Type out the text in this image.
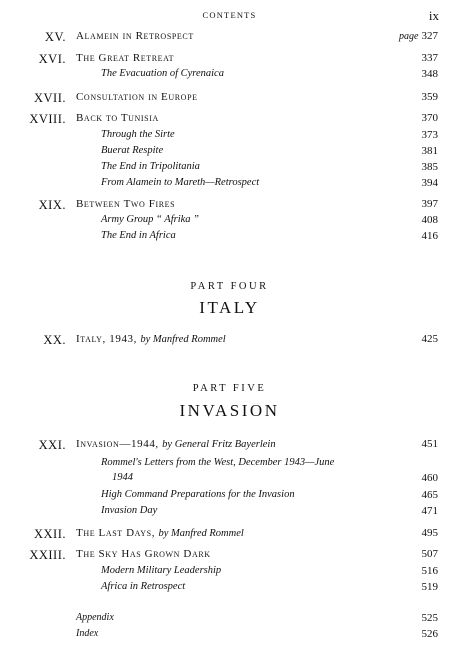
CONTENTS	ix
XV. Alamein in Retrospect	page 327
XVI. The Great Retreat	337
The Evacuation of Cyrenaica	348
XVII. Consultation in Europe	359
XVIII. Back to Tunisia	370
Through the Sirte	373
Buerat Respite	381
The End in Tripolitania	385
From Alamein to Mareth—Retrospect	394
XIX. Between Two Fires	397
Army Group “ Afrika ”	408
The End in Africa	416
PART FOUR
ITALY
XX. Italy, 1943, by Manfred Rommel	425
PART FIVE
INVASION
XXI. Invasion—1944, by General Fritz Bayerlein	451
Rommel's Letters from the West, December 1943—June
1944	460
High Command Preparations for the Invasion	465
Invasion Day	471
XXII. The Last Days, by Manfred Rommel	495
XXIII. The Sky Has Grown Dark	507
Modern Military Leadership	516
Africa in Retrospect	519
Appendix	525
Index	526
